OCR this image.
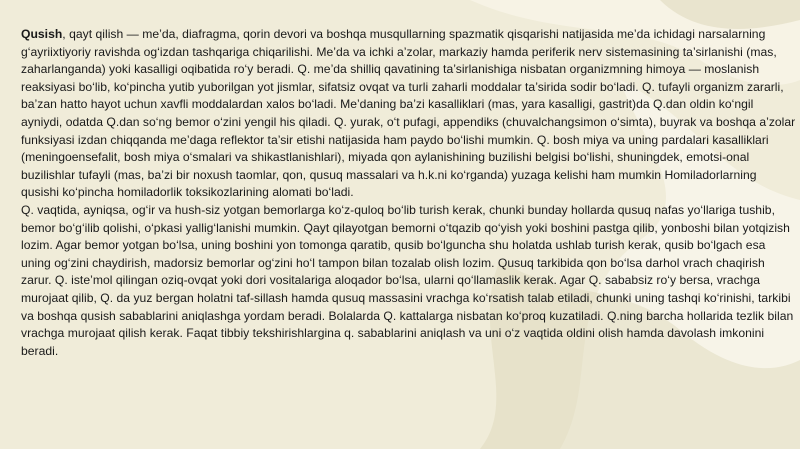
Qusish, qayt qilish — me’da, diafragma, qorin devori va boshqa musqullarning spazmatik qisqarishi natijasida me’da ichidagi narsalarning g‘ayriixtiyoriy ravishda og‘izdan tashqariga chiqarilishi. Me’da va ichki a’zolar, markaziy hamda periferik nerv sistemasining ta’sirlanishi (mas, zaharlanganda) yoki kasalligi oqibatida ro‘y beradi. Q. me’da shilliq qavatining ta’sirlanishiga nisbatan organizmning himoya — moslanish reaksiyasi bo‘lib, ko‘pincha yutib yuborilgan yot jismlar, sifatsiz ovqat va turli zaharli moddalar ta’sirida sodir bo‘ladi. Q. tufayli organizm zararli, ba’zan hatto hayot uchun xavfli moddalardan xalos bo‘ladi. Me’daning ba’zi kasalliklari (mas, yara kasalligi, gastrit)da Q.dan oldin ko‘ngil ayniydi, odatda Q.dan so‘ng bemor o‘zini yengil his qiladi. Q. yurak, o‘t pufagi, appendiks (chuvalchangsimon o‘simta), buyrak va boshqa a’zolar funksiyasi izdan chiqqanda me’daga reflektor ta’sir etishi natijasida ham paydo bo‘lishi mumkin. Q. bosh miya va uning pardalari kasalliklari (meningoensefalit, bosh miya o‘smalari va shikastlanishlari), miyada qon aylanishining buzilishi belgisi bo‘lishi, shuningdek, emotsi-onal buzilishlar tufayli (mas, ba’zi bir noxush taomlar, qon, qusuq massalari va h.k.ni ko‘rganda) yuzaga kelishi ham mumkin Homiladorlarning qusishi ko‘pincha homiladorlik toksikozlarining alomati bo‘ladi.

Q. vaqtida, ayniqsa, og‘ir va hush-siz yotgan bemorlarga ko‘z-quloq bo‘lib turish kerak, chunki bunday hollarda qusuq nafas yo‘llariga tushib, bemor bo‘g‘ilib qolishi, o‘pkasi yallig‘lanishi mumkin. Qayt qilayotgan bemorni o‘tqazib qo‘yish yoki boshini pastga qilib, yonboshi bilan yotqizish lozim. Agar bemor yotgan bo‘lsa, uning boshini yon tomonga qaratib, qusib bo‘lguncha shu holatda ushlab turish kerak, qusib bo‘lgach esa uning og‘zini chaydirish, madorsiz bemorlar og‘zini ho‘l tampon bilan tozalab olish lozim. Qusuq tarkibida qon bo‘lsa darhol vrach chaqirish zarur. Q. iste’mol qilingan oziq-ovqat yoki dori vositalariga aloqador bo‘lsa, ularni qo‘llamaslik kerak. Agar Q. sababsiz ro‘y bersa, vrachga murojaat qilib, Q. da yuz bergan holatni taf-sillash hamda qusuq massasini vrachga ko‘rsatish talab etiladi, chunki uning tashqi ko‘rinishi, tarkibi va boshqa qusish sabablarini aniqlashga yordam beradi. Bolalarda Q. kattalarga nisbatan ko‘proq kuzatiladi. Q.ning barcha hollarida tezlik bilan vrachga murojaat qilish kerak. Faqat tibbiy tekshirishlargina q. sabablarini aniqlash va uni o‘z vaqtida oldini olish hamda davolash imkonini beradi.
